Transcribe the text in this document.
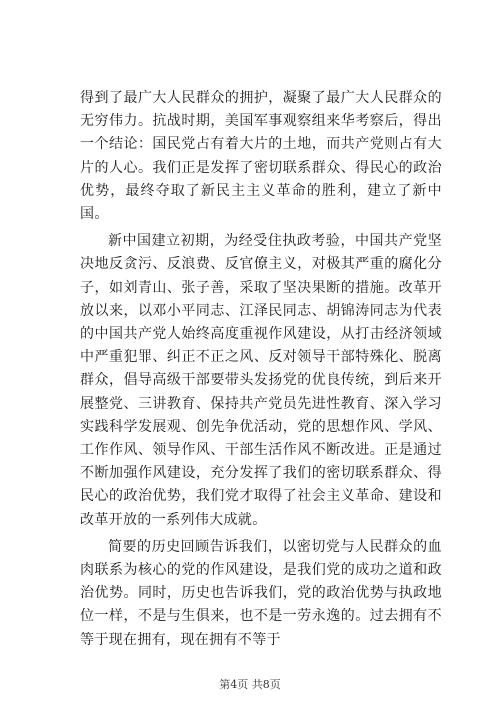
得到了最广大人民群众的拥护，凝聚了最广大人民群众的无穷伟力。抗战时期，美国军事观察组来华考察后，得出一个结论：国民党占有着大片的土地，而共产党则占有大片的人心。我们正是发挥了密切联系群众、得民心的政治优势，最终夺取了新民主主义革命的胜利，建立了新中国。

新中国建立初期，为经受住执政考验，中国共产党坚决地反贪污、反浪费、反官僚主义，对极其严重的腐化分子，如刘青山、张子善，采取了坚决果断的措施。改革开放以来，以邓小平同志、江泽民同志、胡锦涛同志为代表的中国共产党人始终高度重视作风建设，从打击经济领域中严重犯罪、纠正不正之风、反对领导干部特殊化、脱离群众，倡导高级干部要带头发扬党的优良传统，到后来开展整党、三讲教育、保持共产党员先进性教育、深入学习实践科学发展观、创先争优活动，党的思想作风、学风、工作作风、领导作风、干部生活作风不断改进。正是通过不断加强作风建设，充分发挥了我们的密切联系群众、得民心的政治优势，我们党才取得了社会主义革命、建设和改革开放的一系列伟大成就。

简要的历史回顾告诉我们，以密切党与人民群众的血肉联系为核心的党的作风建设，是我们党的成功之道和政治优势。同时，历史也告诉我们，党的政治优势与执政地位一样，不是与生俱来，也不是一劳永逸的。过去拥有不等于现在拥有，现在拥有不等于

第4页 共8页
